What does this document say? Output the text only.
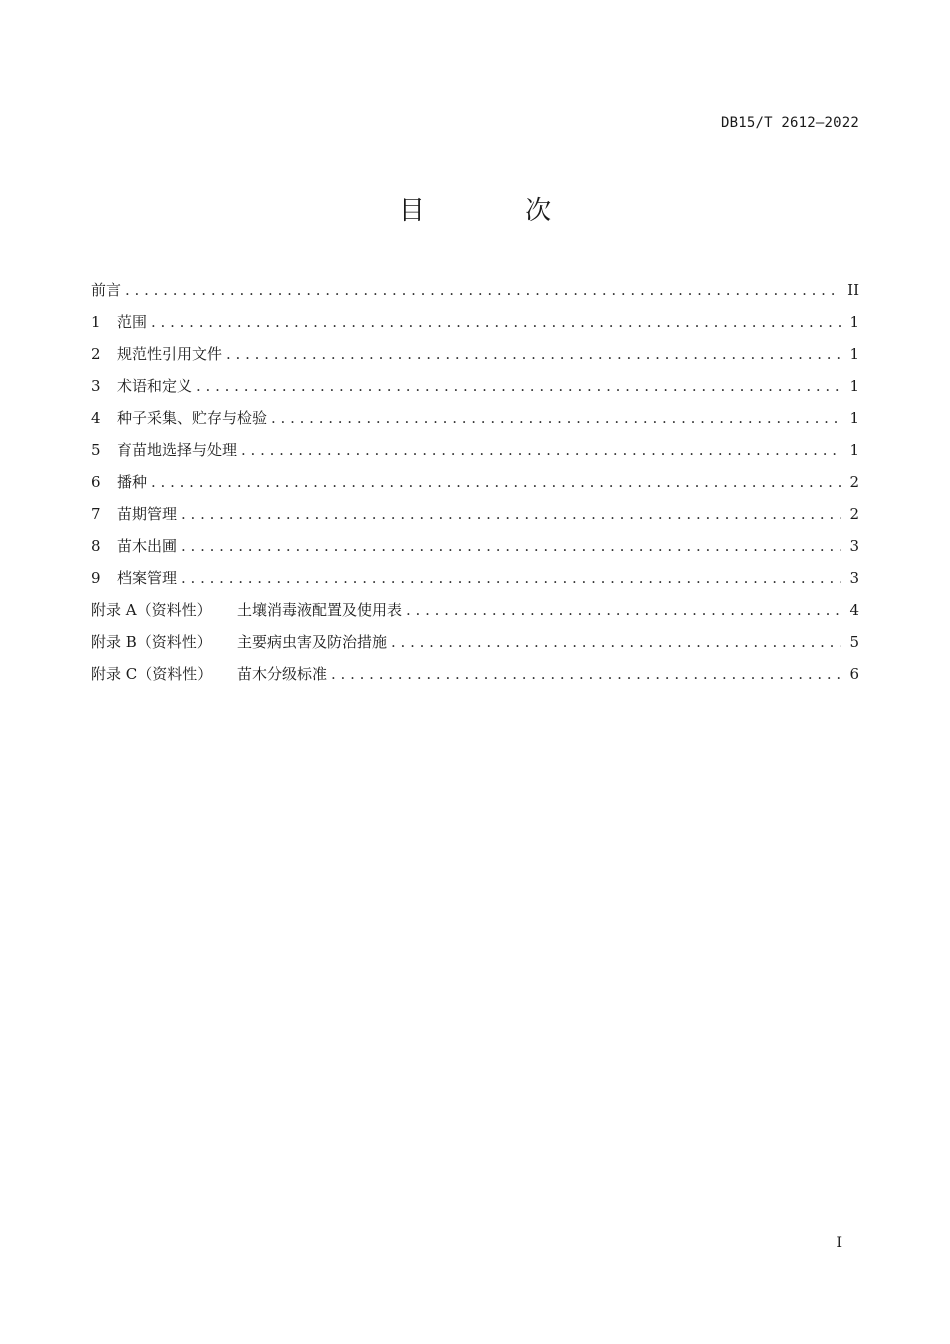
DB15/T 2612—2022
目 次
前言 . . .	II
1	范围 . . .	1
2	规范性引用文件 . . .	1
3	术语和定义 . . .	1
4	种子采集、贮存与检验 . . .	1
5	育苗地选择与处理 . . .	1
6	播种 . . .	2
7	苗期管理 . . .	2
8	苗木出圃 . . .	3
9	档案管理 . . .	3
附录 A（资料性）	土壤消毒液配置及使用表 . . .	4
附录 B（资料性）	主要病虫害及防治措施 . . .	5
附录 C（资料性）	苗木分级标准 . . .	6
I
